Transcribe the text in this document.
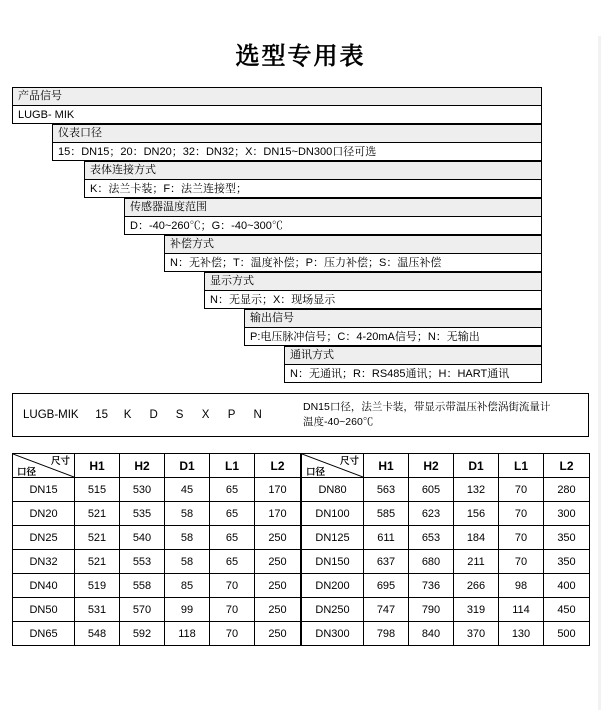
选型专用表
产品信号
LUGB- MIK
仪表口径
15：DN15；20：DN20；32：DN32；X：DN15~DN300口径可选
表体连接方式
K：法兰卡装；F：法兰连接型；
传感器温度范围
D：-40~260℃；G：-40~300℃
补偿方式
N：无补偿；T：温度补偿；P：压力补偿；S：温压补偿
显示方式
N：无显示；X：现场显示
输出信号
P:电压脉冲信号；C：4-20mA信号；N：无输出
通讯方式
N：无通讯；R：RS485通讯；H：HART通讯
LUGB-MIK	15	K	D	S	X	P	N
DN15口径，法兰卡装，带显示带温压补偿涡街流量计
温度-40~260℃
尺寸
口径	H1	H2	D1	L1	L2
DN15	515	530	45	65	170
DN20	521	535	58	65	170
DN25	521	540	58	65	250
DN32	521	553	58	65	250
DN40	519	558	85	70	250
DN50	531	570	99	70	250
DN65	548	592	118	70	250
尺寸
口径	H1	H2	D1	L1	L2
DN80	563	605	132	70	280
DN100	585	623	156	70	300
DN125	611	653	184	70	350
DN150	637	680	211	70	350
DN200	695	736	266	98	400
DN250	747	790	319	114	450
DN300	798	840	370	130	500
